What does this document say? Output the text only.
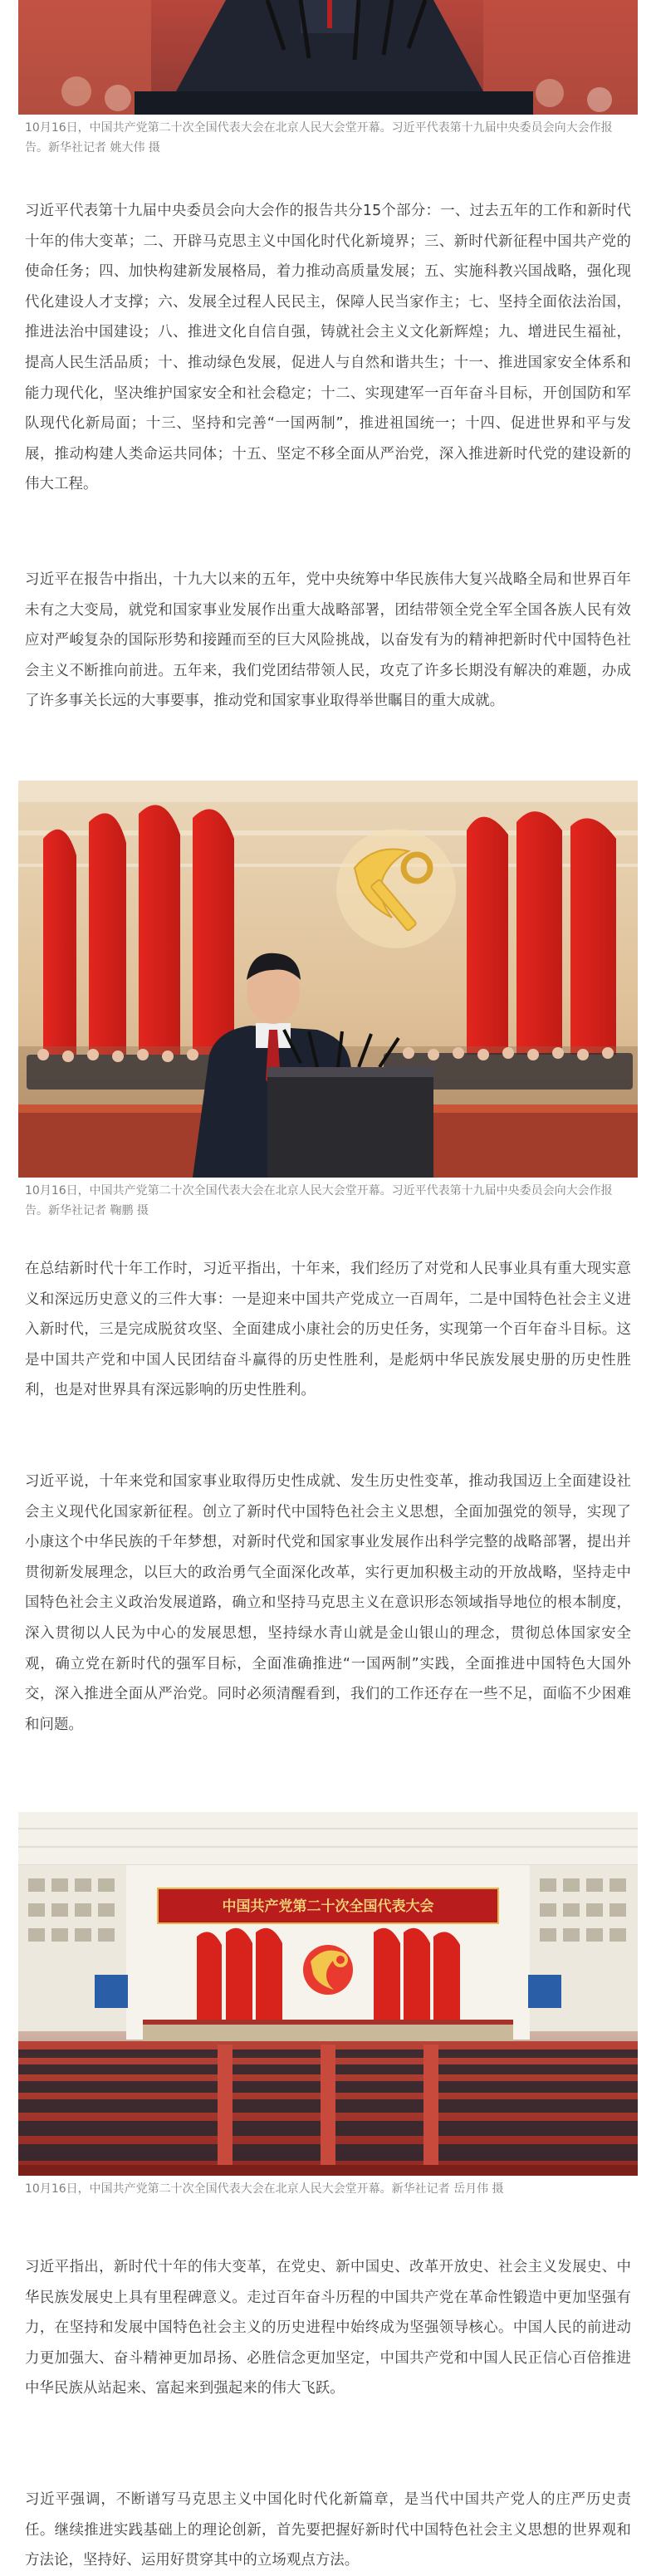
10月16日，中国共产党第二十次全国代表大会在北京人民大会堂开幕。习近平代表第十九届中央委员会向大会作报告。新华社记者 姚大伟 摄

习近平代表第十九届中央委员会向大会作的报告共分15个部分：一、过去五年的工作和新时代十年的伟大变革；二、开辟马克思主义中国化时代化新境界；三、新时代新征程中国共产党的使命任务；四、加快构建新发展格局，着力推动高质量发展；五、实施科教兴国战略，强化现代化建设人才支撑；六、发展全过程人民民主，保障人民当家作主；七、坚持全面依法治国，推进法治中国建设；八、推进文化自信自强，铸就社会主义文化新辉煌；九、增进民生福祉，提高人民生活品质；十、推动绿色发展，促进人与自然和谐共生；十一、推进国家安全体系和能力现代化，坚决维护国家安全和社会稳定；十二、实现建军一百年奋斗目标，开创国防和军队现代化新局面；十三、坚持和完善“一国两制”，推进祖国统一；十四、促进世界和平与发展，推动构建人类命运共同体；十五、坚定不移全面从严治党，深入推进新时代党的建设新的伟大工程。

习近平在报告中指出，十九大以来的五年，党中央统筹中华民族伟大复兴战略全局和世界百年未有之大变局，就党和国家事业发展作出重大战略部署，团结带领全党全军全国各族人民有效应对严峻复杂的国际形势和接踵而至的巨大风险挑战，以奋发有为的精神把新时代中国特色社会主义不断推向前进。五年来，我们党团结带领人民，攻克了许多长期没有解决的难题，办成了许多事关长远的大事要事，推动党和国家事业取得举世瞩目的重大成就。

10月16日，中国共产党第二十次全国代表大会在北京人民大会堂开幕。习近平代表第十九届中央委员会向大会作报告。新华社记者 鞠鹏 摄

在总结新时代十年工作时，习近平指出，十年来，我们经历了对党和人民事业具有重大现实意义和深远历史意义的三件大事：一是迎来中国共产党成立一百周年，二是中国特色社会主义进入新时代，三是完成脱贫攻坚、全面建成小康社会的历史任务，实现第一个百年奋斗目标。这是中国共产党和中国人民团结奋斗赢得的历史性胜利，是彪炳中华民族发展史册的历史性胜利，也是对世界具有深远影响的历史性胜利。

习近平说，十年来党和国家事业取得历史性成就、发生历史性变革，推动我国迈上全面建设社会主义现代化国家新征程。创立了新时代中国特色社会主义思想，全面加强党的领导，实现了小康这个中华民族的千年梦想，对新时代党和国家事业发展作出科学完整的战略部署，提出并贯彻新发展理念，以巨大的政治勇气全面深化改革，实行更加积极主动的开放战略，坚持走中国特色社会主义政治发展道路，确立和坚持马克思主义在意识形态领域指导地位的根本制度，深入贯彻以人民为中心的发展思想，坚持绿水青山就是金山银山的理念，贯彻总体国家安全观，确立党在新时代的强军目标，全面准确推进“一国两制”实践，全面推进中国特色大国外交，深入推进全面从严治党。同时必须清醒看到，我们的工作还存在一些不足，面临不少困难和问题。

中国共产党第二十次全国代表大会
10月16日，中国共产党第二十次全国代表大会在北京人民大会堂开幕。新华社记者 岳月伟 摄

习近平指出，新时代十年的伟大变革，在党史、新中国史、改革开放史、社会主义发展史、中华民族发展史上具有里程碑意义。走过百年奋斗历程的中国共产党在革命性锻造中更加坚强有力，在坚持和发展中国特色社会主义的历史进程中始终成为坚强领导核心。中国人民的前进动力更加强大、奋斗精神更加昂扬、必胜信念更加坚定，中国共产党和中国人民正信心百倍推进中华民族从站起来、富起来到强起来的伟大飞跃。

习近平强调，不断谱写马克思主义中国化时代化新篇章，是当代中国共产党人的庄严历史责任。继续推进实践基础上的理论创新，首先要把握好新时代中国特色社会主义思想的世界观和方法论，坚持好、运用好贯穿其中的立场观点方法。
